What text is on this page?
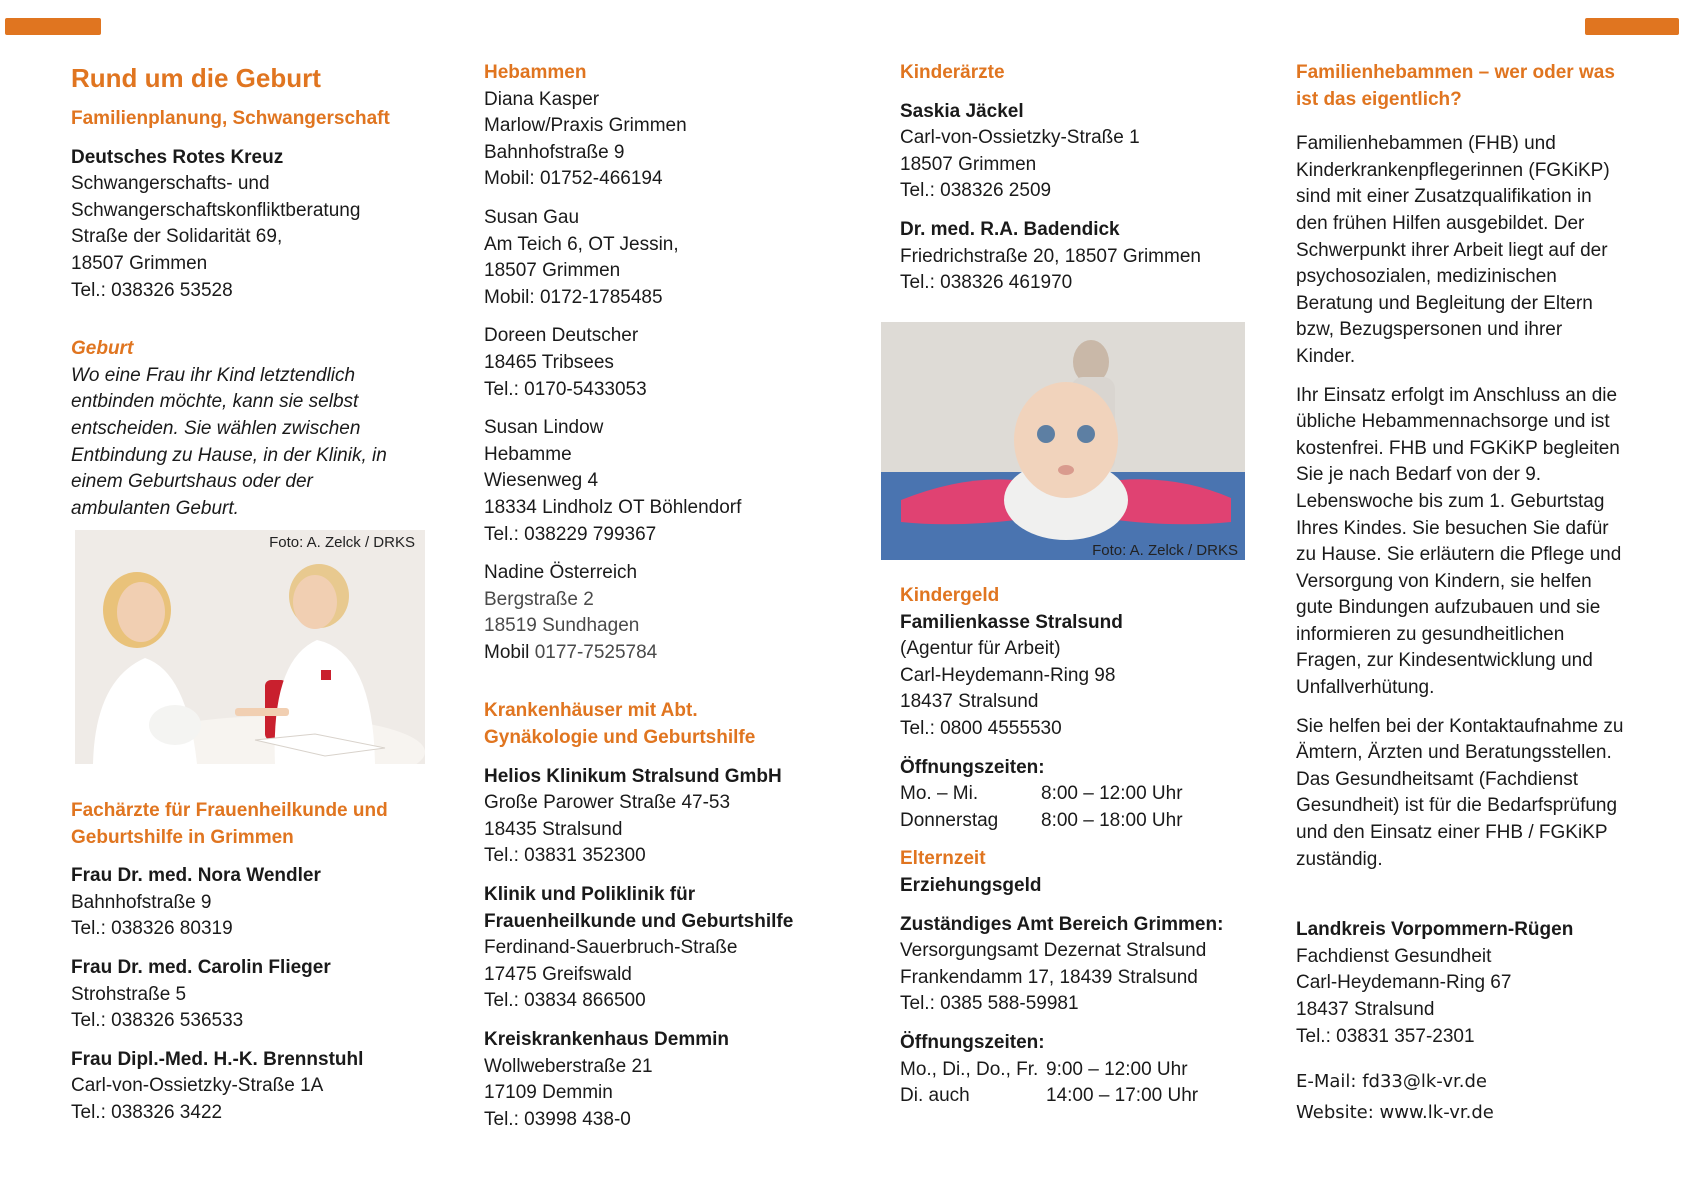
Rund um die Geburt
Familienplanung, Schwangerschaft
Deutsches Rotes Kreuz
Schwangerschafts- und
Schwangerschaftskonfliktberatung
Straße der Solidarität 69,
18507 Grimmen
Tel.: 038326 53528
Geburt
Wo eine Frau ihr Kind letztendlich
entbinden möchte, kann sie selbst
entscheiden. Sie wählen zwischen
Entbindung zu Hause, in der Klinik, in
einem Geburtshaus oder der
ambulanten Geburt.
Foto: A. Zelck / DRKS
Fachärzte für Frauenheilkunde und
Geburtshilfe in Grimmen
Frau Dr. med. Nora Wendler
Bahnhofstraße 9
Tel.: 038326 80319
Frau Dr. med. Carolin Flieger
Strohstraße 5
Tel.: 038326 536533
Frau Dipl.-Med. H.-K. Brennstuhl
Carl-von-Ossietzky-Straße 1A
Tel.: 038326 3422
Hebammen
Diana Kasper
Marlow/Praxis Grimmen
Bahnhofstraße 9
Mobil: 01752-466194
Susan Gau
Am Teich 6, OT Jessin,
18507 Grimmen
Mobil: 0172-1785485
Doreen Deutscher
18465 Tribsees
Tel.: 0170-5433053
Susan Lindow
Hebamme
Wiesenweg 4
18334 Lindholz OT Böhlendorf
Tel.: 038229 799367
Nadine Österreich
Bergstraße 2
18519 Sundhagen
Mobil 0177-7525784
Krankenhäuser mit Abt.
Gynäkologie und Geburtshilfe
Helios Klinikum Stralsund GmbH
Große Parower Straße 47-53
18435 Stralsund
Tel.: 03831 352300
Klinik und Poliklinik für
Frauenheilkunde und Geburtshilfe
Ferdinand-Sauerbruch-Straße
17475 Greifswald
Tel.: 03834 866500
Kreiskrankenhaus Demmin
Wollweberstraße 21
17109 Demmin
Tel.: 03998 438-0
Kinderärzte
Saskia Jäckel
Carl-von-Ossietzky-Straße 1
18507 Grimmen
Tel.: 038326 2509
Dr. med. R.A. Badendick
Friedrichstraße 20, 18507 Grimmen
Tel.: 038326 461970
Foto: A. Zelck / DRKS
Kindergeld
Familienkasse Stralsund
(Agentur für Arbeit)
Carl-Heydemann-Ring 98
18437 Stralsund
Tel.: 0800 4555530
Öffnungszeiten:
Mo. – Mi.	8:00 – 12:00 Uhr
Donnerstag	8:00 – 18:00 Uhr
Elternzeit
Erziehungsgeld
Zuständiges Amt Bereich Grimmen:
Versorgungsamt Dezernat Stralsund
Frankendamm 17, 18439 Stralsund
Tel.: 0385 588-59981
Öffnungszeiten:
Mo., Di., Do., Fr. 9:00 – 12:00 Uhr
Di. auch	14:00 – 17:00 Uhr
Familienhebammen – wer oder was
ist das eigentlich?
Familienhebammen (FHB) und
Kinderkrankenpflegerinnen (FGKiKP)
sind mit einer Zusatzqualifikation in
den frühen Hilfen ausgebildet. Der
Schwerpunkt ihrer Arbeit liegt auf der
psychosozialen, medizinischen
Beratung und Begleitung der Eltern
bzw, Bezugspersonen und ihrer
Kinder.
Ihr Einsatz erfolgt im Anschluss an die
übliche Hebammennachsorge und ist
kostenfrei. FHB und FGKiKP begleiten
Sie je nach Bedarf von der 9.
Lebenswoche bis zum 1. Geburtstag
Ihres Kindes. Sie besuchen Sie dafür
zu Hause. Sie erläutern die Pflege und
Versorgung von Kindern, sie helfen
gute Bindungen aufzubauen und sie
informieren zu gesundheitlichen
Fragen, zur Kindesentwicklung und
Unfallverhütung.
Sie helfen bei der Kontaktaufnahme zu
Ämtern, Ärzten und Beratungsstellen.
Das Gesundheitsamt (Fachdienst
Gesundheit) ist für die Bedarfsprüfung
und den Einsatz einer FHB / FGKiKP
zuständig.
Landkreis Vorpommern-Rügen
Fachdienst Gesundheit
Carl-Heydemann-Ring 67
18437 Stralsund
Tel.: 03831 357-2301
E-Mail: fd33@lk-vr.de
Website: www.lk-vr.de
